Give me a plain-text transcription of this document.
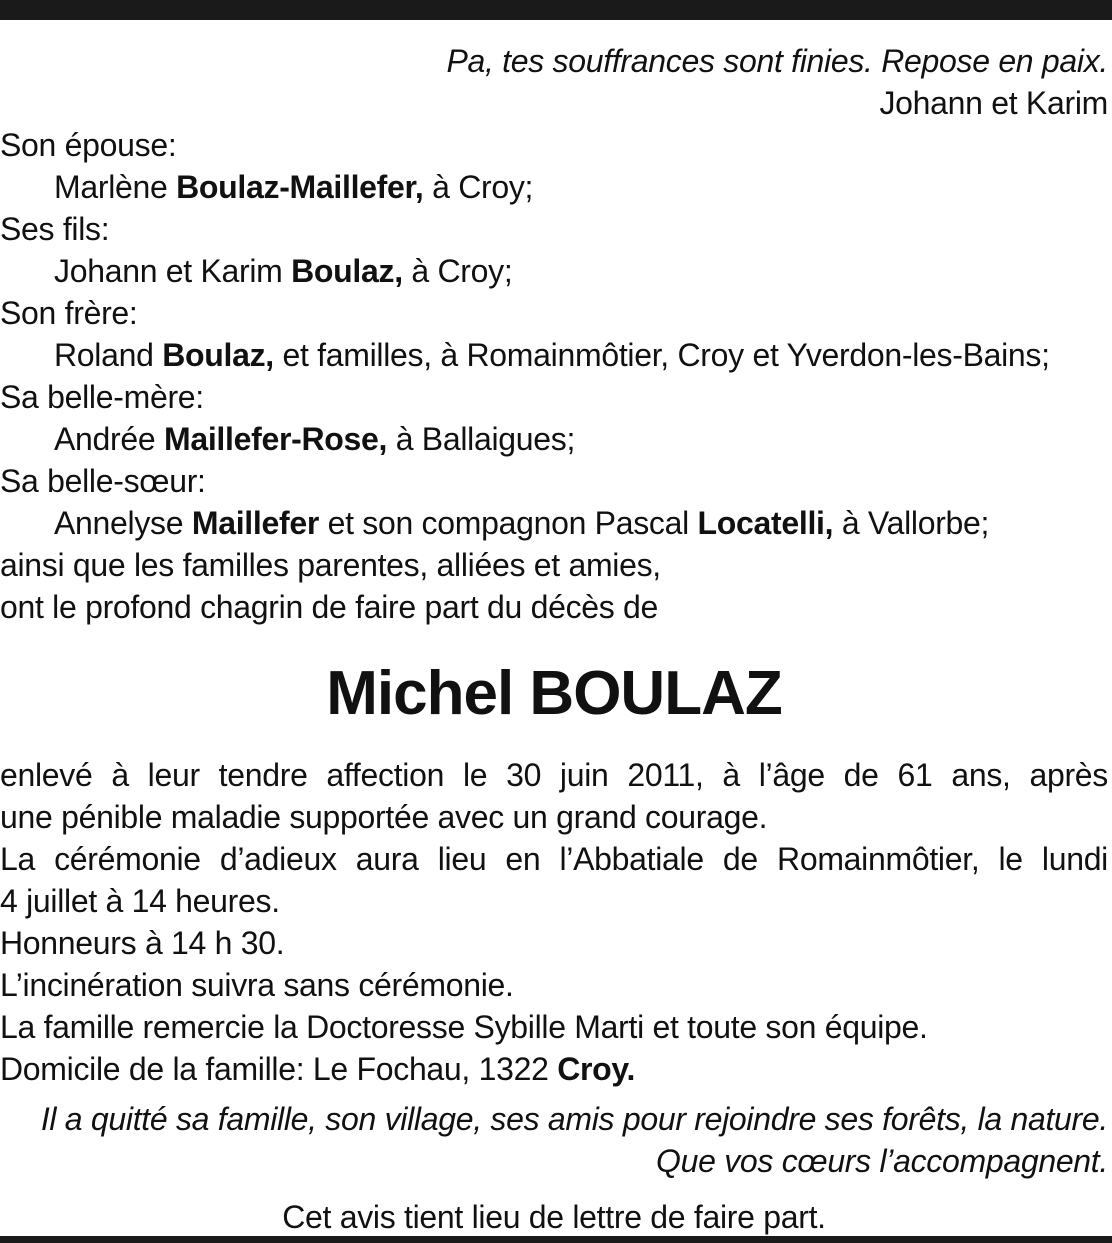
Pa, tes souffrances sont finies. Repose en paix.
Johann et Karim
Son épouse:
Marlène Boulaz-Maillefer, à Croy;
Ses fils:
Johann et Karim Boulaz, à Croy;
Son frère:
Roland Boulaz, et familles, à Romainmôtier, Croy et Yverdon-les-Bains;
Sa belle-mère:
Andrée Maillefer-Rose, à Ballaigues;
Sa belle-sœur:
Annelyse Maillefer et son compagnon Pascal Locatelli, à Vallorbe;
ainsi que les familles parentes, alliées et amies,
ont le profond chagrin de faire part du décès de
Michel BOULAZ
enlevé à leur tendre affection le 30 juin 2011, à l’âge de 61 ans, après
une pénible maladie supportée avec un grand courage.
La cérémonie d’adieux aura lieu en l’Abbatiale de Romainmôtier, le lundi
4 juillet à 14 heures.
Honneurs à 14 h 30.
L’incinération suivra sans cérémonie.
La famille remercie la Doctoresse Sybille Marti et toute son équipe.
Domicile de la famille: Le Fochau, 1322 Croy.
Il a quitté sa famille, son village, ses amis pour rejoindre ses forêts, la nature.
Que vos cœurs l’accompagnent.
Cet avis tient lieu de lettre de faire part.
